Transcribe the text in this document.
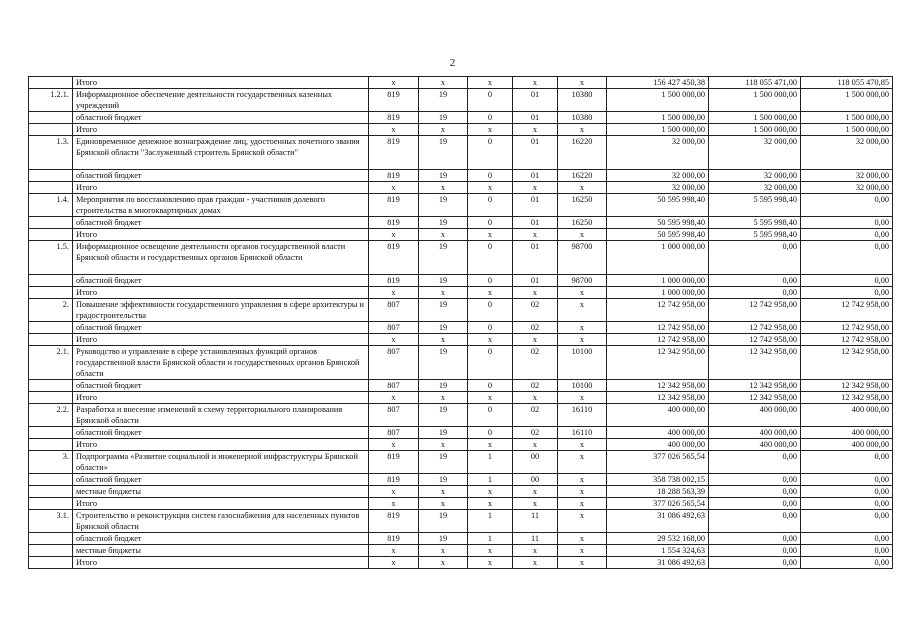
2
	Итого	x	x	x	x	x	156 427 450,38	118 055 471,00	118 055 470,85
1.2.1.	Информационное обеспечение деятельности государственных казенных учреждений	819	19	0	01	10380	1 500 000,00	1 500 000,00	1 500 000,00
	областной бюджет	819	19	0	01	10380	1 500 000,00	1 500 000,00	1 500 000,00
	Итого	x	x	x	x	x	1 500 000,00	1 500 000,00	1 500 000,00
1.3.	Единовременное денежное вознаграждение лиц, удостоенных почетного звания Брянской области "Заслуженный строитель Брянской области"	819	19	0	01	16220	32 000,00	32 000,00	32 000,00
	областной бюджет	819	19	0	01	16220	32 000,00	32 000,00	32 000,00
	Итого	x	x	x	x	x	32 000,00	32 000,00	32 000,00
1.4.	Мероприятия по восстановлению прав граждан - участников долевого строительства в многоквартирных домах	819	19	0	01	16250	50 595 998,40	5 595 998,40	0,00
	областной бюджет	819	19	0	01	16250	50 595 998,40	5 595 998,40	0,00
	Итого	x	x	x	x	x	50 595 998,40	5 595 998,40	0,00
1.5.	Информационное освещение деятельности органов государственной власти Брянской области и государственных органов Брянской области	819	19	0	01	98700	1 000 000,00	0,00	0,00
	областной бюджет	819	19	0	01	98700	1 000 000,00	0,00	0,00
	Итого	x	x	x	x	x	1 000 000,00	0,00	0,00
2.	Повышение эффективности государственного управления в сфере архитектуры и градостроительства	807	19	0	02	x	12 742 958,00	12 742 958,00	12 742 958,00
	областной бюджет	807	19	0	02	x	12 742 958,00	12 742 958,00	12 742 958,00
	Итого	x	x	x	x	x	12 742 958,00	12 742 958,00	12 742 958,00
2.1.	Руководство и управление в сфере установленных функций органов государственной власти Брянской области и государственных органов Брянской области	807	19	0	02	10100	12 342 958,00	12 342 958,00	12 342 958,00
	областной бюджет	807	19	0	02	10100	12 342 958,00	12 342 958,00	12 342 958,00
	Итого	x	x	x	x	x	12 342 958,00	12 342 958,00	12 342 958,00
2.2.	Разработка и внесение изменений в схему территориального планирования Брянской области	807	19	0	02	16110	400 000,00	400 000,00	400 000,00
	областной бюджет	807	19	0	02	16110	400 000,00	400 000,00	400 000,00
	Итого	x	x	x	x	x	400 000,00	400 000,00	400 000,00
3.	Подпрограмма «Развитие социальной и инженерной инфраструктуры Брянской области»	819	19	1	00	x	377 026 565,54	0,00	0,00
	областной бюджет	819	19	1	00	x	358 738 002,15	0,00	0,00
	местные бюджеты	x	x	x	x	x	18 288 563,39	0,00	0,00
	Итого	x	x	x	x	x	377 026 565,54	0,00	0,00
3.1.	Строительство и реконструкция систем газоснабжения для населенных пунктов Брянской области	819	19	1	11	x	31 086 492,63	0,00	0,00
	областной бюджет	819	19	1	11	x	29 532 168,00	0,00	0,00
	местные бюджеты	x	x	x	x	x	1 554 324,63	0,00	0,00
	Итого	x	x	x	x	x	31 086 492,63	0,00	0,00
